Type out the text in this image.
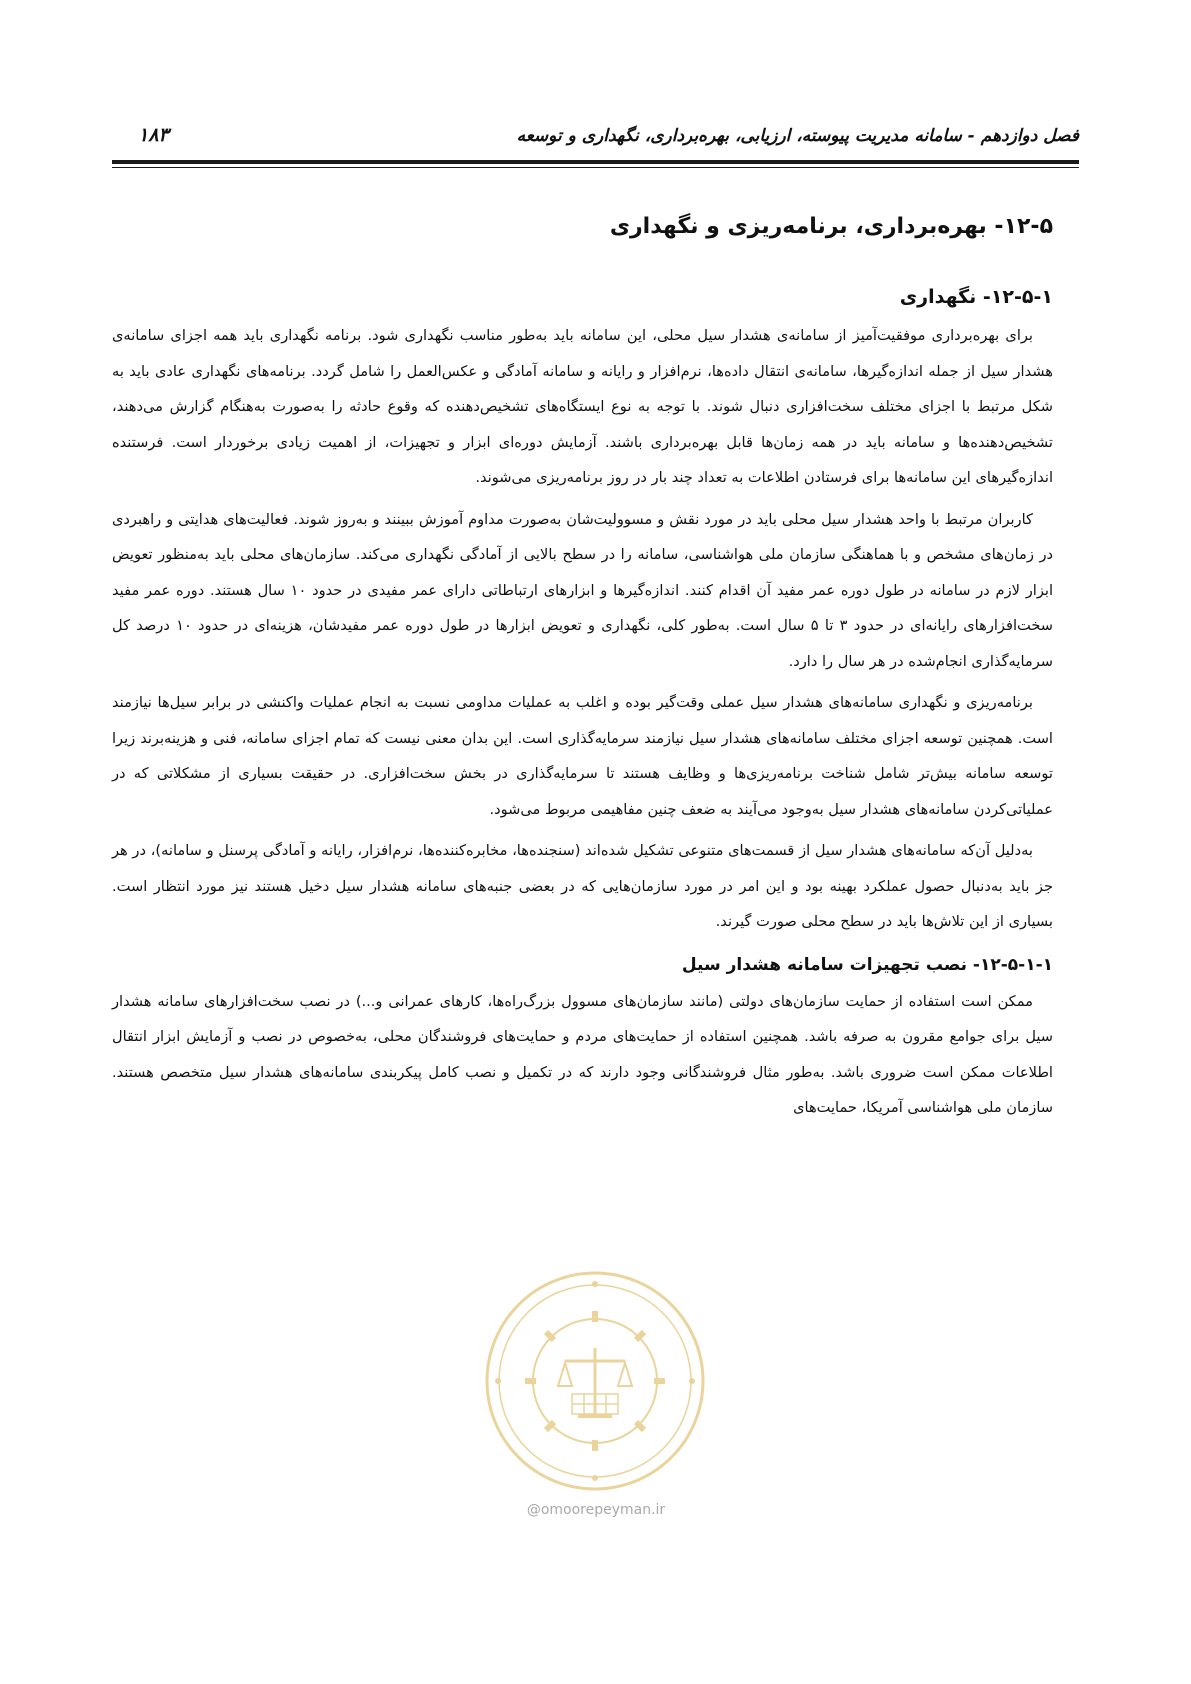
فصل دوازدهم - سامانه مدیریت پیوسته، ارزیابی، بهره‌برداری، نگهداری و توسعه
۱۸۳
۱۲-۵- بهره‌برداری، برنامه‌ریزی و نگهداری
۱۲-۵-۱- نگهداری

برای بهره‌برداری موفقیت‌آمیز از سامانه‌ی هشدار سیل محلی، این سامانه باید به‌طور مناسب نگهداری شود. برنامه نگهداری باید همه اجزای سامانه‌ی هشدار سیل از جمله اندازه‌گیرها، سامانه‌ی انتقال داده‌ها، نرم‌افزار و رایانه و سامانه آمادگی و عکس‌العمل را شامل گردد. برنامه‌های نگهداری عادی باید به شکل مرتبط با اجزای مختلف سخت‌افزاری دنبال شوند. با توجه به نوع ایستگاه‌های تشخیص‌دهنده که وقوع حادثه را به‌صورت به‌هنگام گزارش می‌دهند، تشخیص‌دهنده‌ها و سامانه باید در همه زمان‌ها قابل بهره‌برداری باشند. آزمایش دوره‌ای ابزار و تجهیزات، از اهمیت زیادی برخوردار است. فرستنده اندازه‌گیرهای این سامانه‌ها برای فرستادن اطلاعات به تعداد چند بار در روز برنامه‌ریزی می‌شوند.

کاربران مرتبط با واحد هشدار سیل محلی باید در مورد نقش و مسوولیت‌شان به‌صورت مداوم آموزش ببینند و به‌روز شوند. فعالیت‌های هدایتی و راهبردی در زمان‌های مشخص و با هماهنگی سازمان ملی هواشناسی، سامانه را در سطح بالایی از آمادگی نگهداری می‌کند. سازمان‌های محلی باید به‌منظور تعویض ابزار لازم در سامانه در طول دوره عمر مفید آن اقدام کنند. اندازه‌گیرها و ابزارهای ارتباطاتی دارای عمر مفیدی در حدود ۱۰ سال هستند. دوره عمر مفید سخت‌افزارهای رایانه‌ای در حدود ۳ تا ۵ سال است. به‌طور کلی، نگهداری و تعویض ابزارها در طول دوره عمر مفیدشان، هزینه‌ای در حدود ۱۰ درصد کل سرمایه‌گذاری انجام‌شده در هر سال را دارد.

برنامه‌ریزی و نگهداری سامانه‌های هشدار سیل عملی وقت‌گیر بوده و اغلب به عملیات مداومی نسبت به انجام عملیات واکنشی در برابر سیل‌ها نیازمند است. همچنین توسعه اجزای مختلف سامانه‌های هشدار سیل نیازمند سرمایه‌گذاری است. این بدان معنی نیست که تمام اجزای سامانه، فنی و هزینه‌بر‌ند زیرا توسعه سامانه بیش‌تر شامل شناخت برنامه‌ریزی‌ها و وظایف هستند تا سرمایه‌گذاری در بخش سخت‌افزاری. در حقیقت بسیاری از مشکلاتی که در عملیاتی‌کردن سامانه‌های هشدار سیل به‌وجود می‌آیند به ضعف چنین مفاهیمی مربوط می‌شود.

به‌دلیل آن‌که سامانه‌های هشدار سیل از قسمت‌های متنوعی تشکیل شده‌اند (سنجنده‌ها، مخابره‌کننده‌ها، نرم‌افزار، رایانه و آمادگی پرسنل و سامانه)، در هر جز باید به‌دنبال حصول عملکرد بهینه بود و این امر در مورد سازمان‌هایی که در بعضی جنبه‌های سامانه هشدار سیل دخیل هستند نیز مورد انتظار است. بسیاری از این تلاش‌ها باید در سطح محلی صورت گیرند.

۱۲-۵-۱-۱- نصب تجهیزات سامانه هشدار سیل

ممکن است استفاده از حمایت سازمان‌های دولتی (مانند سازمان‌های مسوول بزرگ‌راه‌ها، کارهای عمرانی و...) در نصب سخت‌افزارهای سامانه هشدار سیل برای جوامع مقرون به صرفه باشد. همچنین استفاده از حمایت‌های مردم و حمایت‌های فروشندگان محلی، به‌خصوص در نصب و آزمایش ابزار انتقال اطلاعات ممکن است ضروری باشد. به‌طور مثال فروشندگانی وجود دارند که در تکمیل و نصب کامل پیکربندی سامانه‌های هشدار سیل متخصص هستند. سازمان ملی هواشناسی آمریکا، حمایت‌های

@omoorepeyman.ir
